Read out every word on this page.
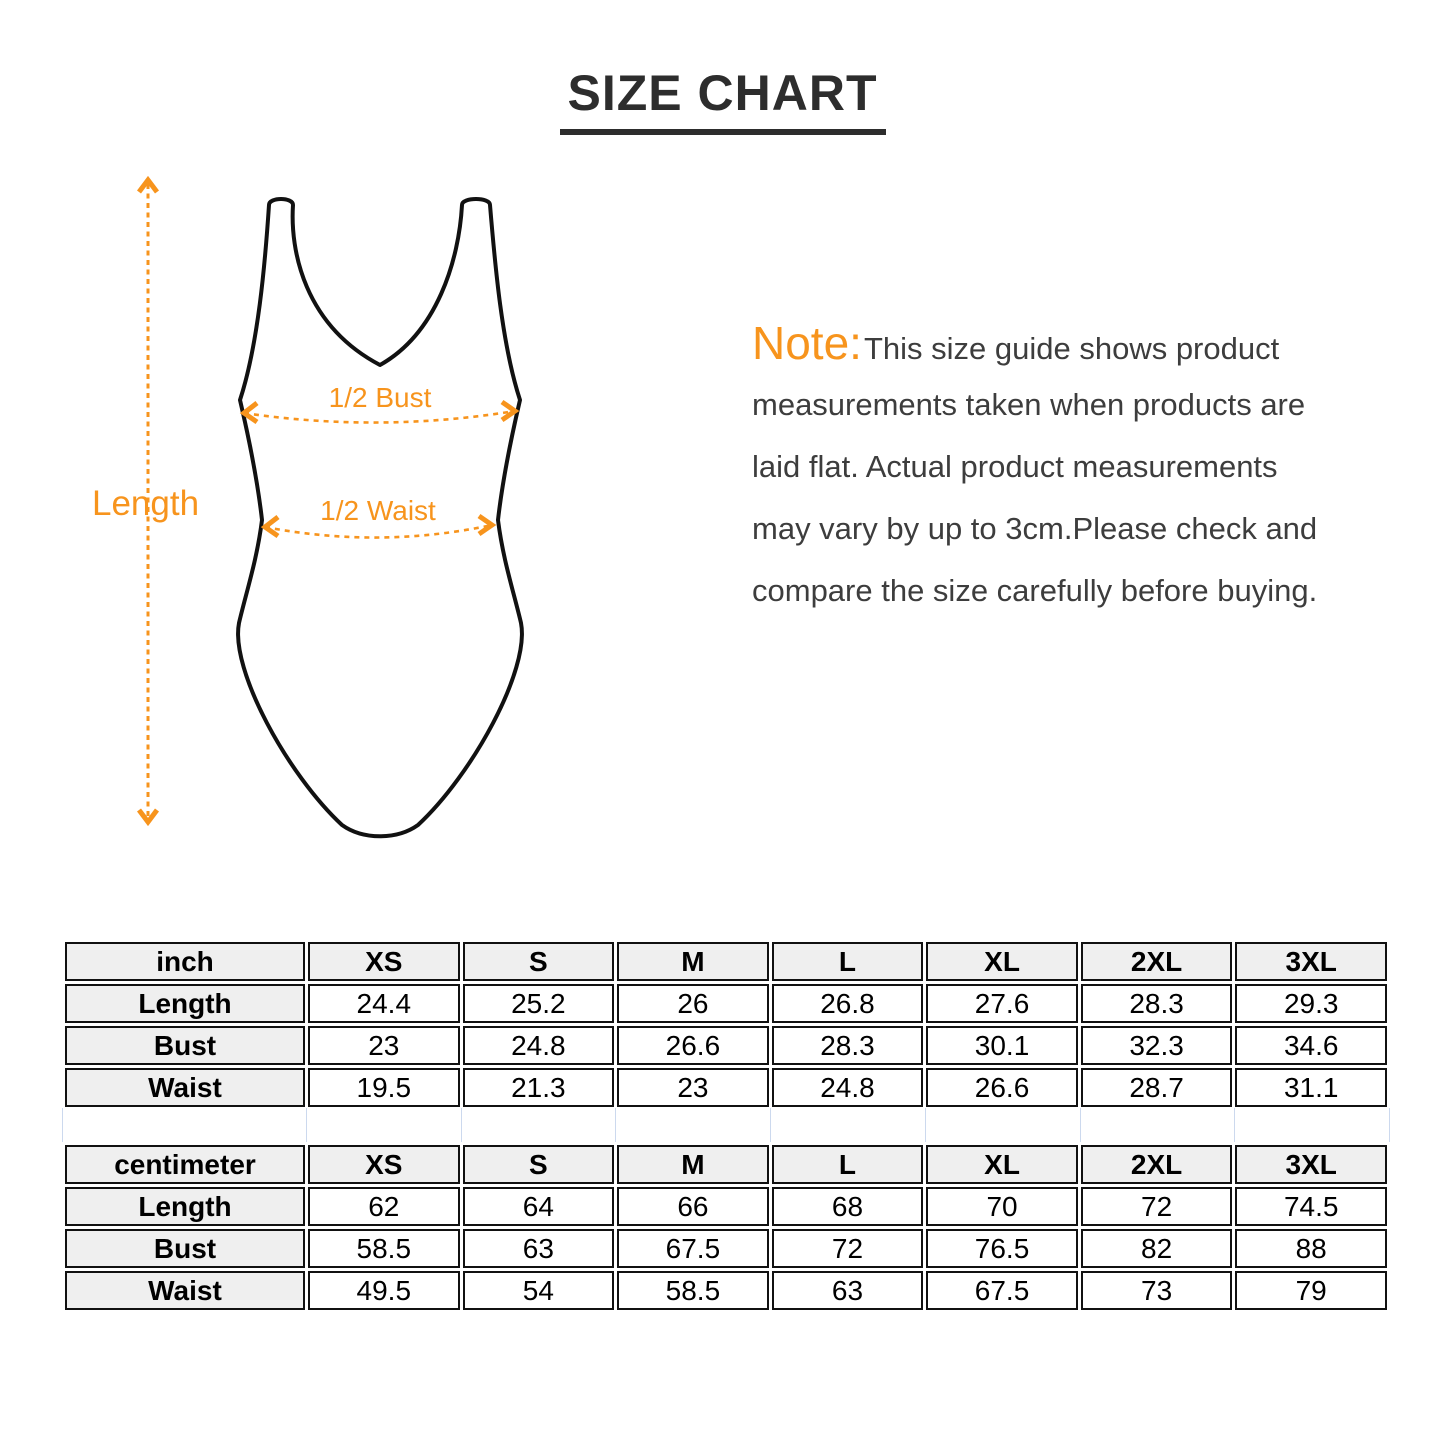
SIZE CHART
Length
1/2 Bust
1/2 Waist
Note:This size guide shows product
measurements taken when products are
laid flat. Actual product measurements
may vary by up to 3cm.Please check and
compare the size carefully before buying.
inch	XS	S	M	L	XL	2XL	3XL
Length	24.4	25.2	26	26.8	27.6	28.3	29.3
Bust	23	24.8	26.6	28.3	30.1	32.3	34.6
Waist	19.5	21.3	23	24.8	26.6	28.7	31.1
centimeter	XS	S	M	L	XL	2XL	3XL
Length	62	64	66	68	70	72	74.5
Bust	58.5	63	67.5	72	76.5	82	88
Waist	49.5	54	58.5	63	67.5	73	79
